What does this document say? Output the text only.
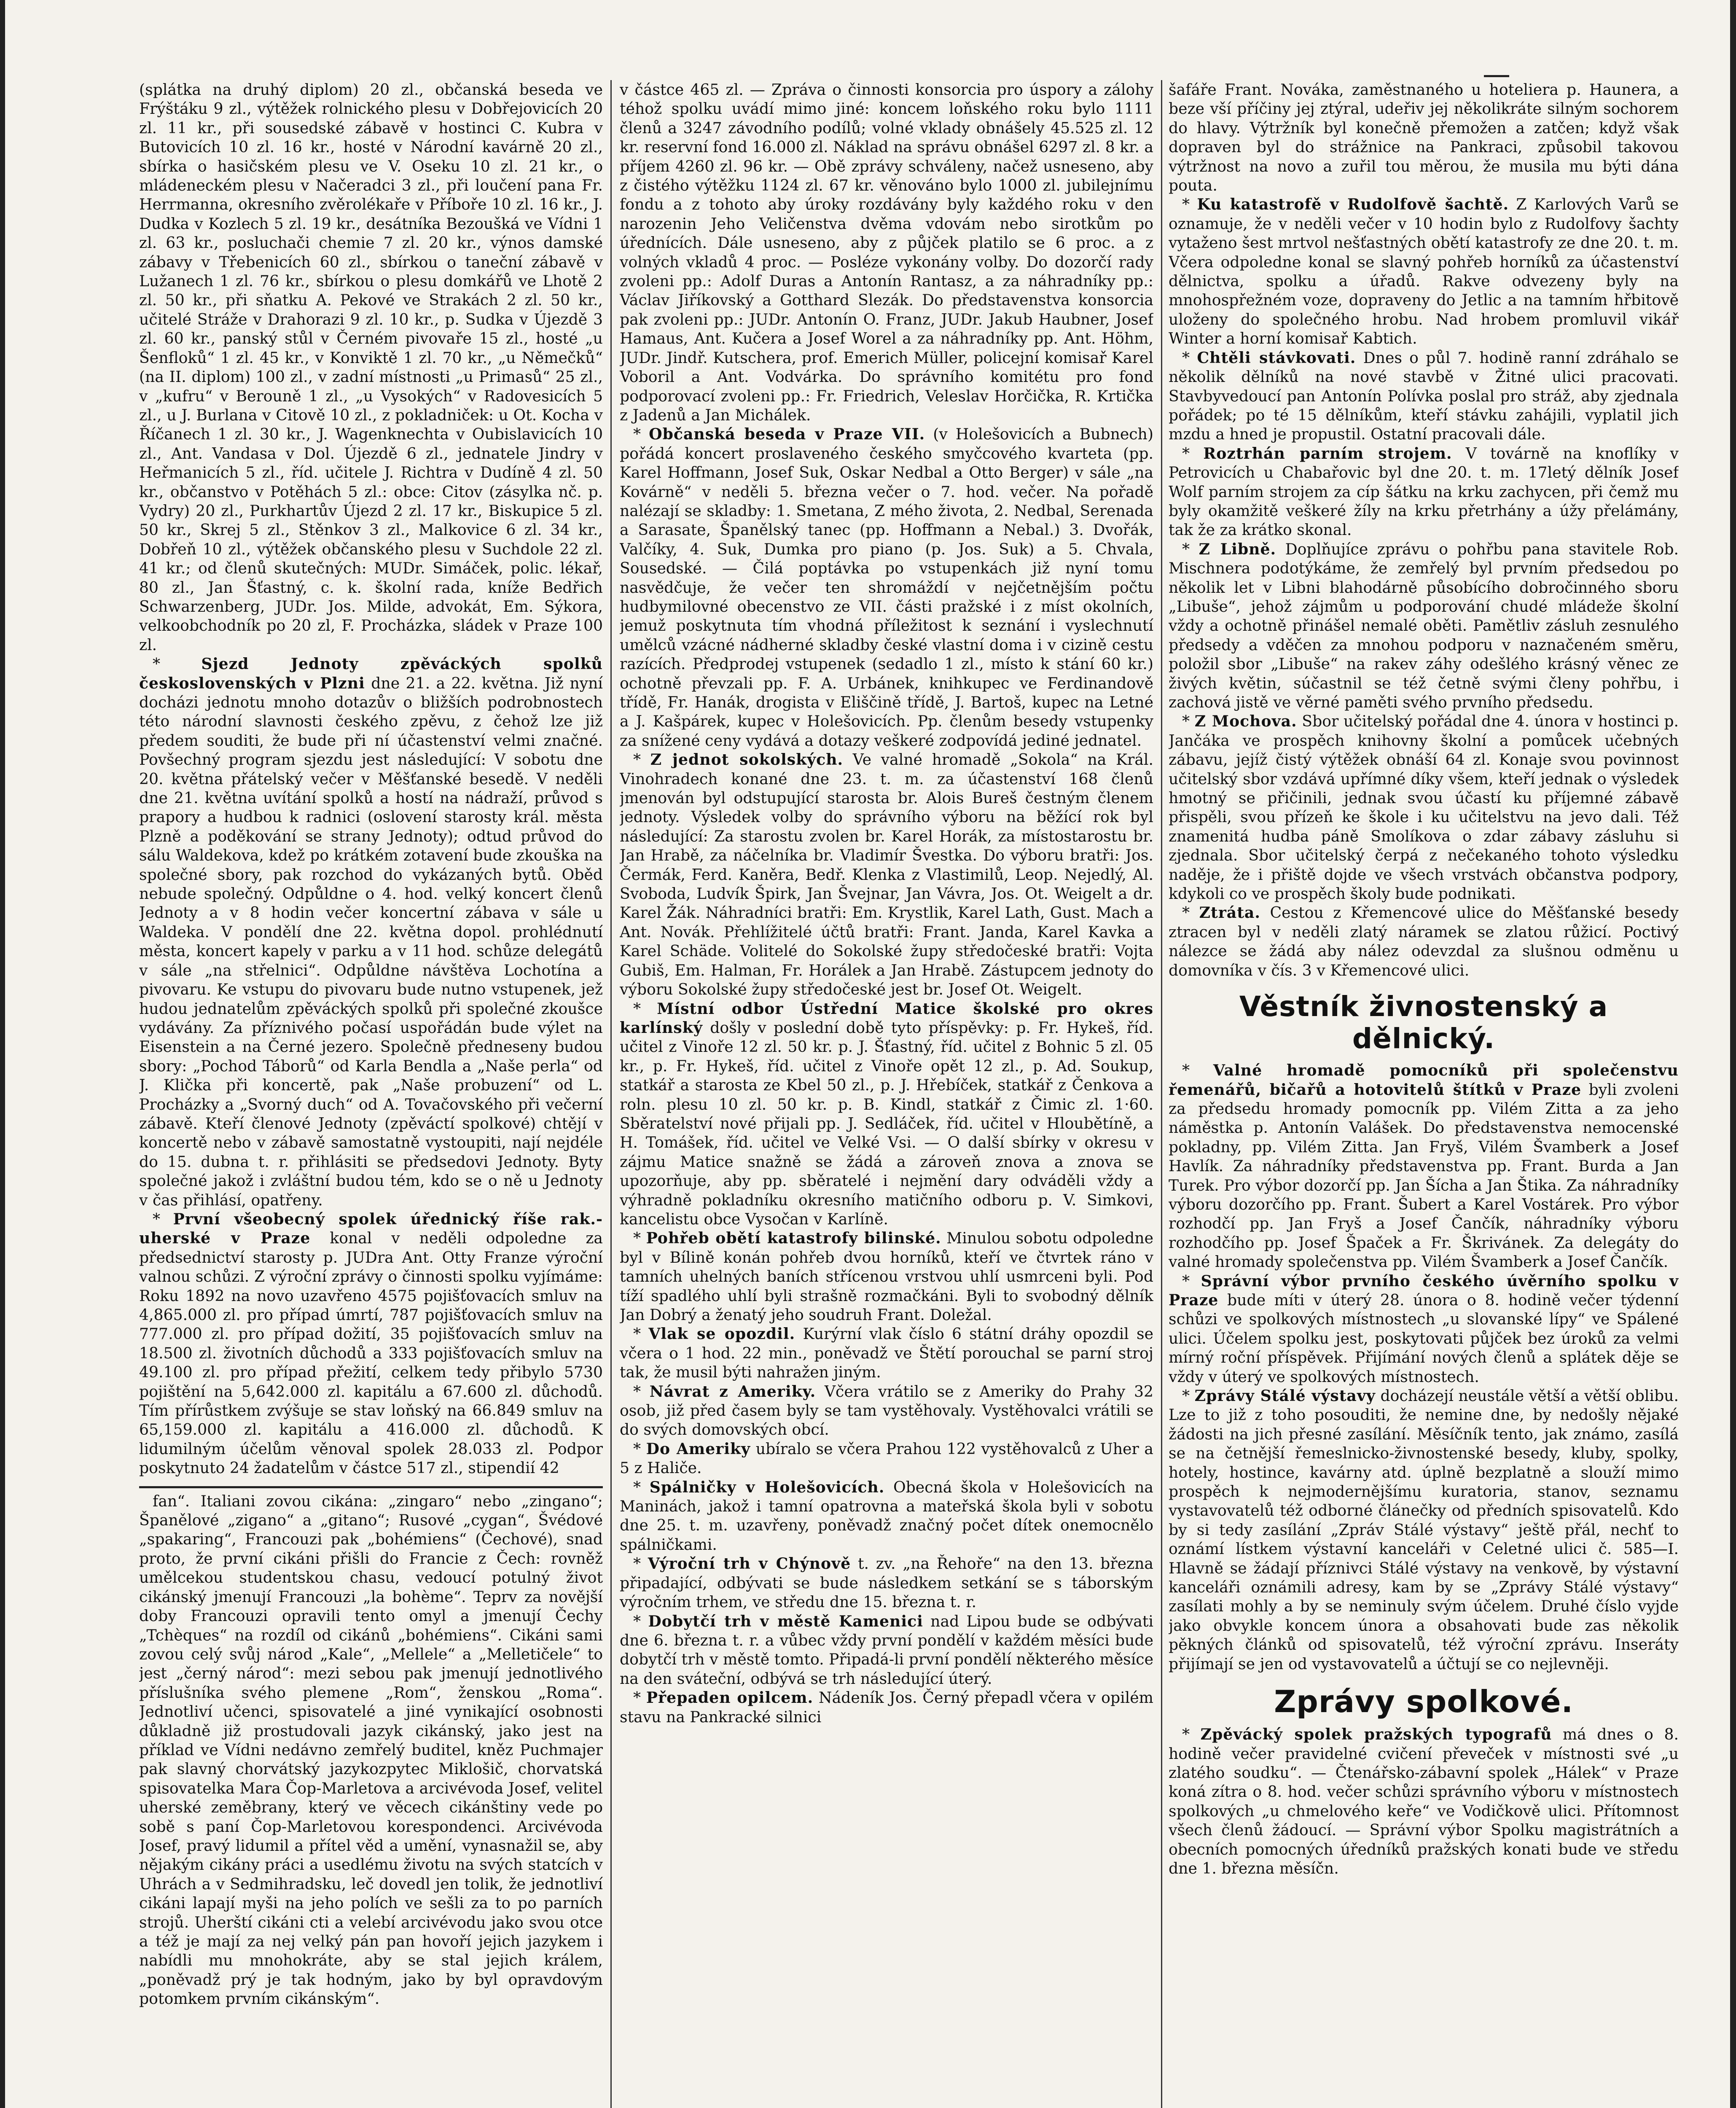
(splátka na druhý diplom) 20 zl., občanská beseda ve Frýštáku 9 zl., výtěžek rolnického plesu v Dobřejovicích 20 zl. 11 kr., při sousedské zábavě v hostinci C. Kubra v Butovicích 10 zl. 16 kr., hosté v Národní kavárně 20 zl., sbírka o hasičském plesu ve V. Oseku 10 zl. 21 kr., o mládeneckém plesu v Načeradci 3 zl., při loučení pana Fr. Herrmanna, okresního zvěrolékaře v Příboře 10 zl. 16 kr., J. Dudka v Kozlech 5 zl. 19 kr., desátníka Bezoušká ve Vídni 1 zl. 63 kr., posluchači chemie 7 zl. 20 kr., výnos damské zábavy v Třebenicích 60 zl., sbírkou o taneční zábavě v Lužanech 1 zl. 76 kr., sbírkou o plesu domkářů ve Lhotě 2 zl. 50 kr., při sňatku A. Pekové ve Strakách 2 zl. 50 kr., učitelé Stráže v Drahorazi 9 zl. 10 kr., p. Sudka v Újezdě 3 zl. 60 kr., panský stůl v Černém pivovaře 15 zl., hosté „u Šenfloků“ 1 zl. 45 kr., v Konviktě 1 zl. 70 kr., „u Němečků“ (na II. diplom) 100 zl., v zadní místnosti „u Primasů“ 25 zl., v „kufru“ v Berouně 1 zl., „u Vysokých“ v Radovesicích 5 zl., u J. Burlana v Citově 10 zl., z pokladniček: u Ot. Kocha v Říčanech 1 zl. 30 kr., J. Wagenknechta v Oubislavicích 10 zl., Ant. Vandasa v Dol. Újezdě 6 zl., jednatele Jindry v Heřmanicích 5 zl., říd. učitele J. Richtra v Dudíně 4 zl. 50 kr., občanstvo v Potěhách 5 zl.: obce: Citov (zásylka nč. p. Vydry) 20 zl., Purkhartův Újezd 2 zl. 17 kr., Biskupice 5 zl. 50 kr., Skrej 5 zl., Stěnkov 3 zl., Malkovice 6 zl. 34 kr., Dobřeň 10 zl., výtěžek občanského plesu v Suchdole 22 zl. 41 kr.; od členů skutečných: MUDr. Simáček, polic. lékař, 80 zl., Jan Šťastný, c. k. školní rada, kníže Bedřich Schwarzenberg, JUDr. Jos. Milde, advokát, Em. Sýkora, velkoobchodník po 20 zl, F. Procházka, sládek v Praze 100 zl.

* Sjezd Jednoty zpěváckých spolků československých v Plzni dne 21. a 22. května. Již nyní docházi jednotu mnoho dotazův o bližších podrobnostech této národní slavnosti českého zpěvu, z čehož lze již předem souditi, že bude při ní účastenství velmi značné. Povšechný program sjezdu jest následující: V sobotu dne 20. května přátelský večer v Měšťanské besedě. V neděli dne 21. května uvítání spolků a hostí na nádraží, průvod s prapory a hudbou k radnici (oslovení starosty král. města Plzně a poděkování se strany Jednoty); odtud průvod do sálu Waldekova, kdež po krátkém zotavení bude zkouška na společné sbory, pak rozchod do vykázaných bytů. Oběd nebude společný. Odpůldne o 4. hod. velký koncert členů Jednoty a v 8 hodin večer koncertní zábava v sále u Waldeka. V pondělí dne 22. května dopol. prohlédnutí města, koncert kapely v parku a v 11 hod. schůze delegátů v sále „na střelnici“. Odpůldne návštěva Lochotína a pivovaru. Ke vstupu do pivovaru bude nutno vstupenek, jež hudou jednatelům zpěváckých spolků při společné zkoušce vydávány. Za příznivého počasí uspořádán bude výlet na Eisenstein a na Černé jezero. Společně předneseny budou sbory: „Pochod Táborů“ od Karla Bendla a „Naše perla“ od J. Klička při koncertě, pak „Naše probuzení“ od L. Procházky a „Svorný duch“ od A. Tovačovského při večerní zábavě. Kteří členové Jednoty (zpěváctí spolkové) chtějí v koncertě nebo v zábavě samostatně vystoupiti, nají nejdéle do 15. dubna t. r. přihlásiti se předsedovi Jednoty. Byty společné jakož i zvláštní budou tém, kdo se o ně u Jednoty v čas přihlásí, opatřeny.

* První všeobecný spolek úřednický říše rak.-uherské v Praze konal v neděli odpoledne za předsednictví starosty p. JUDra Ant. Otty Franze výroční valnou schůzi. Z výroční zprávy o činnosti spolku vyjímáme: Roku 1892 na novo uzavřeno 4575 pojišťovacích smluv na 4,865.000 zl. pro případ úmrtí, 787 pojišťovacích smluv na 777.000 zl. pro případ dožití, 35 pojišťovacích smluv na 18.500 zl. životních důchodů a 333 pojišťovacích smluv na 49.100 zl. pro případ přežití, celkem tedy přibylo 5730 pojištění na 5,642.000 zl. kapitálu a 67.600 zl. důchodů. Tím přírůstkem zvýšuje se stav loňský na 66.849 smluv na 65,159.000 zl. kapitálu a 416.000 zl. důchodů. K lidumilným účelům věnoval spolek 28.033 zl. Podpor poskytnuto 24 žadatelům v částce 517 zl., stipendií 42

fan“. Italiani zovou cikána: „zingaro“ nebo „zingano“; Španělové „zigano“ a „gitano“; Rusové „cygan“, Švédové „spakaring“, Francouzi pak „bohémiens“ (Čechové), snad proto, že první cikáni přišli do Francie z Čech: rovněž umělcekou studentskou chasu, vedoucí potulný život cikánský jmenují Francouzi „la bohème“. Teprv za novější doby Francouzi opravili tento omyl a jmenují Čechy „Tchèques“ na rozdíl od cikánů „bohémiens“. Cikáni sami zovou celý svůj národ „Kale“, „Mellele“ a „Melletičele“ to jest „černý národ“: mezi sebou pak jmenují jednotlivého příslušníka svého plemene „Rom“, ženskou „Roma“. Jednotliví učenci, spisovatelé a jiné vynikající osobnosti důkladně již prostudovali jazyk cikánský, jako jest na příklad ve Vídni nedávno zemřelý buditel, kněz Puchmajer pak slavný chorvátský jazykozpytec Miklošič, chorvatská spisovatelka Mara Čop-Marletova a arcivévoda Josef, velitel uherské zeměbrany, který ve věcech cikánštiny vede po sobě s paní Čop-Marletovou korespondenci. Arcivévoda Josef, pravý lidumil a přítel věd a umění, vynasnažil se, aby nějakým cikány práci a usedlému životu na svých statcích v Uhrách a v Sedmihradsku, leč dovedl jen tolik, že jednotliví cikáni lapají myši na jeho polích ve sešli za to po parních strojů. Uherští cikáni cti a velebí arcivévodu jako svou otce a též je mají za nej velký pán pan hovoří jejich jazykem i nabídli mu mnohokráte, aby se stal jejich králem, „poněvadž prý je tak hodným, jako by byl opravdovým potomkem prvním cikánským“.

v částce 465 zl. — Zpráva o činnosti konsorcia pro úspory a zálohy téhož spolku uvádí mimo jiné: koncem loňského roku bylo 1111 členů a 3247 závodního podílů; volné vklady obnášely 45.525 zl. 12 kr. reservní fond 16.000 zl. Náklad na správu obnášel 6297 zl. 8 kr. a příjem 4260 zl. 96 kr. — Obě zprávy schváleny, načež usneseno, aby z čistého výtěžku 1124 zl. 67 kr. věnováno bylo 1000 zl. jubilejnímu fondu a z tohoto aby úroky rozdávány byly každého roku v den narozenin Jeho Veličenstva dvěma vdovám nebo sirotkům po úřednících. Dále usneseno, aby z půjček platilo se 6 proc. a z volných vkladů 4 proc. — Posléze vykonány volby. Do dozorčí rady zvoleni pp.: Adolf Duras a Antonín Rantasz, a za náhradníky pp.: Václav Jiříkovský a Gotthard Slezák. Do představenstva konsorcia pak zvoleni pp.: JUDr. Antonín O. Franz, JUDr. Jakub Haubner, Josef Hamaus, Ant. Kučera a Josef Worel a za náhradníky pp. Ant. Höhm, JUDr. Jindř. Kutschera, prof. Emerich Müller, policejní komisař Karel Voboril a Ant. Vodvárka. Do správního komitétu pro fond podporovací zvoleni pp.: Fr. Friedrich, Veleslav Horčička, R. Krtička z Jadenů a Jan Michálek.

* Občanská beseda v Praze VII. (v Holešovicích a Bubnech) pořádá koncert proslaveného českého smyčcového kvarteta (pp. Karel Hoffmann, Josef Suk, Oskar Nedbal a Otto Berger) v sále „na Kovárně“ v neděli 5. března večer o 7. hod. večer. Na pořadě nalézají se skladby: 1. Smetana, Z mého života, 2. Nedbal, Serenada a Sarasate, Španělský tanec (pp. Hoffmann a Nebal.) 3. Dvořák, Valčíky, 4. Suk, Dumka pro piano (p. Jos. Suk) a 5. Chvala, Sousedské. — Čilá poptávka po vstupenkách již nyní tomu nasvědčuje, že večer ten shromáždí v nejčetnějším počtu hudbymilovné obecenstvo ze VII. části pražské i z míst okolních, jemuž poskytnuta tím vhodná příležitost k seznání i vyslechnutí umělců vzácné nádherné skladby české vlastní doma i v cizině cestu razících. Předprodej vstupenek (sedadlo 1 zl., místo k stání 60 kr.) ochotně převzali pp. F. A. Urbánek, knihkupec ve Ferdinandově třídě, Fr. Hanák, drogista v Eliščině třídě, J. Bartoš, kupec na Letné a J. Kašpárek, kupec v Holešovicích. Pp. členům besedy vstupenky za snížené ceny vydává a dotazy veškeré zodpovídá jediné jednatel.

* Z jednot sokolských. Ve valné hromadě „Sokola“ na Král. Vinohradech konané dne 23. t. m. za účastenství 168 členů jmenován byl odstupující starosta br. Alois Bureš čestným členem jednoty. Výsledek volby do správního výboru na běžící rok byl následující: Za starostu zvolen br. Karel Horák, za místostarostu br. Jan Hrabě, za náčelníka br. Vladimír Švestka. Do výboru bratři: Jos. Čermák, Ferd. Kaněra, Bedř. Klenka z Vlastimilů, Leop. Nejedlý, Al. Svoboda, Ludvík Špirk, Jan Švejnar, Jan Vávra, Jos. Ot. Weigelt a dr. Karel Žák. Náhradníci bratři: Em. Krystlik, Karel Lath, Gust. Mach a Ant. Novák. Přehlížitelé účtů bratři: Frant. Janda, Karel Kavka a Karel Schäde. Volitelé do Sokolské župy středočeské bratři: Vojta Gubiš, Em. Halman, Fr. Horálek a Jan Hrabě. Zástupcem jednoty do výboru Sokolské župy středočeské jest br. Josef Ot. Weigelt.

* Místní odbor Ústřední Matice školské pro okres karlínský došly v poslední době tyto příspěvky: p. Fr. Hykeš, říd. učitel z Vinoře 12 zl. 50 kr. p. J. Šťastný, říd. učitel z Bohnic 5 zl. 05 kr., p. Fr. Hykeš, říd. učitel z Vinoře opět 12 zl., p. Ad. Soukup, statkář a starosta ze Kbel 50 zl., p. J. Hřebíček, statkář z Čenkova a roln. plesu 10 zl. 50 kr. p. B. Kindl, statkář z Čimic zl. 1·60. Sběratelství nové přijali pp. J. Sedláček, říd. učitel v Hloubětíně, a H. Tomášek, říd. učitel ve Velké Vsi. — O další sbírky v okresu v zájmu Matice snažně se žádá a zároveň znova a znova se upozorňuje, aby pp. sběratelé i nejmění dary odváděli vždy a výhradně pokladníku okresního matičního odboru p. V. Simkovi, kancelistu obce Vysočan v Karlíně.

* Pohřeb obětí katastrofy bilinské. Minulou sobotu odpoledne byl v Bílině konán pohřeb dvou horníků, kteří ve čtvrtek ráno v tamních uhelných baních střícenou vrstvou uhlí usmrceni byli. Pod tíží spadlého uhlí byli strašně rozmačkáni. Byli to svobodný dělník Jan Dobrý a ženatý jeho soudruh Frant. Doležal.

* Vlak se opozdil. Kurýrní vlak číslo 6 státní dráhy opozdil se včera o 1 hod. 22 min., poněvadž ve Štětí porouchal se parní stroj tak, že musil býti nahražen jiným.

* Návrat z Ameriky. Včera vrátilo se z Ameriky do Prahy 32 osob, již před časem byly se tam vystěhovaly. Vystěhovalci vrátili se do svých domovských obcí.

* Do Ameriky ubíralo se včera Prahou 122 vystěhovalců z Uher a 5 z Haliče.

* Spálničky v Holešovicích. Obecná škola v Holešovicích na Maninách, jakož i tamní opatrovna a mateřská škola byli v sobotu dne 25. t. m. uzavřeny, poněvadž značný počet dítek onemocnělo spálničkami.

* Výroční trh v Chýnově t. zv. „na Řehoře“ na den 13. března připadající, odbývati se bude následkem setkání se s táborským výročním trhem, ve středu dne 15. března t. r.

* Dobytčí trh v městě Kamenici nad Lipou bude se odbývati dne 6. března t. r. a vůbec vždy první pondělí v každém měsíci bude dobytčí trh v městě tomto. Připadá-li první pondělí některého měsíce na den sváteční, odbývá se trh následující úterý.

* Přepaden opilcem. Nádeník Jos. Černý přepadl včera v opilém stavu na Pankracké silnici

šafáře Frant. Nováka, zaměstnaného u hoteliera p. Haunera, a beze vší příčiny jej ztýral, udeřiv jej několikráte silným sochorem do hlavy. Výtržník byl konečně přemožen a zatčen; když však dopraven byl do strážnice na Pankraci, způsobil takovou výtržnost na novo a zuřil tou měrou, že musila mu býti dána pouta.

* Ku katastrofě v Rudolfově šachtě. Z Karlových Varů se oznamuje, že v neděli večer v 10 hodin bylo z Rudolfovy šachty vytaženo šest mrtvol nešťastných obětí katastrofy ze dne 20. t. m. Včera odpoledne konal se slavný pohřeb horníků za účastenství dělnictva, spolku a úřadů. Rakve odvezeny byly na mnohospřežném voze, dopraveny do Jetlic a na tamním hřbitově uloženy do společného hrobu. Nad hrobem promluvil vikář Winter a horní komisař Kabtich.

* Chtěli stávkovati. Dnes o půl 7. hodině ranní zdráhalo se několik dělníků na nové stavbě v Žitné ulici pracovati. Stavbyvedoucí pan Antonín Polívka poslal pro stráž, aby zjednala pořádek; po té 15 dělníkům, kteří stávku zahájili, vyplatil jich mzdu a hned je propustil. Ostatní pracovali dále.

* Roztrhán parním strojem. V továrně na knoflíky v Petrovicích u Chabařovic byl dne 20. t. m. 17letý dělník Josef Wolf parním strojem za cíp šátku na krku zachycen, při čemž mu byly okamžitě veškeré žíly na krku přetrhány a úžy přelámány, tak že za krátko skonal.

* Z Libně. Doplňujíce zprávu o pohřbu pana stavitele Rob. Mischnera podotýkáme, že zemřelý byl prvním předsedou po několik let v Libni blahodárně působícího dobročinného sboru „Libuše“, jehož zájmům u podporování chudé mládeže školní vždy a ochotně přinášel nemalé oběti. Pamětliv zásluh zesnulého předsedy a vděčen za mnohou podporu v naznačeném směru, položil sbor „Libuše“ na rakev záhy odešlého krásný věnec ze živých květin, súčastnil se též četně svými členy pohřbu, i zachová jistě ve věrné paměti svého prvního předsedu.

* Z Mochova. Sbor učitelský pořádal dne 4. února v hostinci p. Jančáka ve prospěch knihovny školní a pomůcek učebných zábavu, jejíž čistý výtěžek obnáší 64 zl. Konaje svou povinnost učitelský sbor vzdává upřímné díky všem, kteří jednak o výsledek hmotný se přičinili, jednak svou účastí ku příjemné zábavě přispěli, svou přízeň ke škole i ku učitelstvu na jevo dali. Též znamenitá hudba páně Smolíkova o zdar zábavy zásluhu si zjednala. Sbor učitelský čerpá z nečekaného tohoto výsledku naděje, že i přiště dojde ve všech vrstvách občanstva podpory, kdykoli co ve prospěch školy bude podnikati.

* Ztráta. Cestou z Křemencové ulice do Měšťanské besedy ztracen byl v neděli zlatý náramek se zlatou růžicí. Poctivý nálezce se žádá aby nález odevzdal za slušnou odměnu u domovníka v čís. 3 v Křemencové ulici.

Věstník živnostenský a dělnický.

* Valné hromadě pomocníků při společenstvu řemenářů, bičařů a hotovitelů štítků v Praze byli zvoleni za předsedu hromady pomocník pp. Vilém Zitta a za jeho náměstka p. Antonín Valášek. Do představenstva nemocenské pokladny, pp. Vilém Zitta. Jan Fryš, Vilém Švamberk a Josef Havlík. Za náhradníky představenstva pp. Frant. Burda a Jan Turek. Pro výbor dozorčí pp. Jan Šícha a Jan Štika. Za náhradníky výboru dozorčího pp. Frant. Šubert a Karel Vostárek. Pro výbor rozhodčí pp. Jan Fryš a Josef Čančík, náhradníky výboru rozhodčího pp. Josef Špaček a Fr. Škrivánek. Za delegáty do valné hromady společenstva pp. Vilém Švamberk a Josef Čančík.

* Správní výbor prvního českého úvěrního spolku v Praze bude míti v úterý 28. února o 8. hodině večer týdenní schůzi ve spolkových místnostech „u slovanské lípy“ ve Spálené ulici. Účelem spolku jest, poskytovati půjček bez úroků za velmi mírný roční příspěvek. Přijímání nových členů a splátek děje se vždy v úterý ve spolkových místnostech.

* Zprávy Stálé výstavy docházejí neustále větší a větší oblibu. Lze to již z toho posouditi, že nemine dne, by nedošly nějaké žádosti na jich přesné zasílání. Měsíčník tento, jak známo, zasílá se na četnější řemeslnicko-živnostenské besedy, kluby, spolky, hotely, hostince, kavárny atd. úplně bezplatně a slouží mimo prospěch k nejmodernějšímu kuratoria, stanov, seznamu vystavovatelů též odborné článečky od předních spisovatelů. Kdo by si tedy zasílání „Zpráv Stálé výstavy“ ještě přál, nechť to oznámí lístkem výstavní kanceláři v Celetné ulici č. 585—I. Hlavně se žádají příznivci Stálé výstavy na venkově, by výstavní kanceláři oznámili adresy, kam by se „Zprávy Stálé výstavy“ zasílati mohly a by se neminuly svým účelem. Druhé číslo vyjde jako obvykle koncem února a obsahovati bude zas několik pěkných článků od spisovatelů, též výroční zprávu. Inseráty přijímají se jen od vystavovatelů a účtují se co nejlevněji.

Zprávy spolkové.

* Zpěvácký spolek pražských typografů má dnes o 8. hodině večer pravidelné cvičení převeček v místnosti své „u zlatého soudku“. — Čtenářsko-zábavní spolek „Hálek“ v Praze koná zítra o 8. hod. večer schůzi správního výboru v místnostech spolkových „u chmelového keře“ ve Vodičkově ulici. Přítomnost všech členů žádoucí. — Správní výbor Spolku magistrátních a obecních pomocných úředníků pražských konati bude ve středu dne 1. března měsíčn.
